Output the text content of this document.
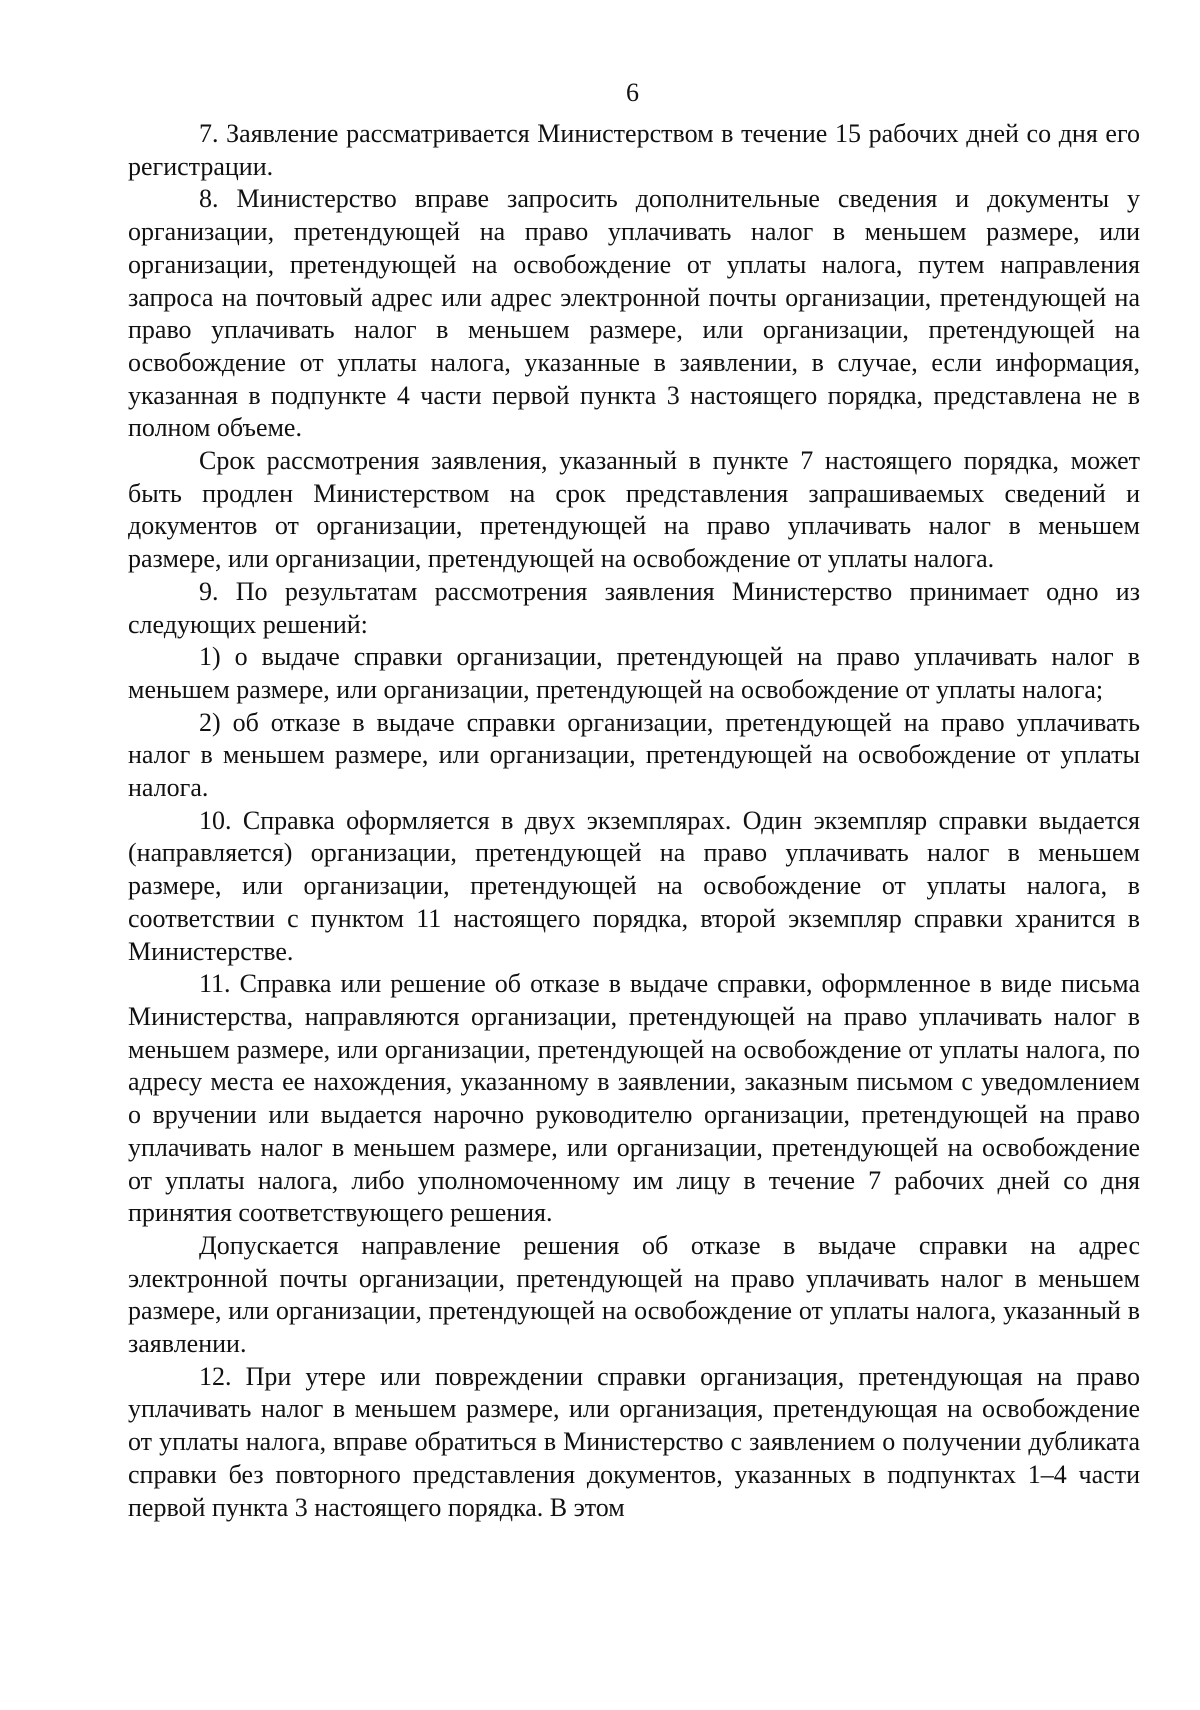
6

7. Заявление рассматривается Министерством в течение 15 рабочих дней со дня его регистрации.

8. Министерство вправе запросить дополнительные сведения и документы у организации, претендующей на право уплачивать налог в меньшем размере, или организации, претендующей на освобождение от уплаты налога, путем направления запроса на почтовый адрес или адрес электронной почты организации, претендующей на право уплачивать налог в меньшем размере, или организации, претендующей на освобождение от уплаты налога, указанные в заявлении, в случае, если информация, указанная в подпункте 4 части первой пункта 3 настоящего порядка, представлена не в полном объеме.

Срок рассмотрения заявления, указанный в пункте 7 настоящего порядка, может быть продлен Министерством на срок представления запрашиваемых сведений и документов от организации, претендующей на право уплачивать налог в меньшем размере, или организации, претендующей на освобождение от уплаты налога.

9. По результатам рассмотрения заявления Министерство принимает одно из следующих решений:

1) о выдаче справки организации, претендующей на право уплачивать налог в меньшем размере, или организации, претендующей на освобождение от уплаты налога;

2) об отказе в выдаче справки организации, претендующей на право уплачивать налог в меньшем размере, или организации, претендующей на освобождение от уплаты налога.

10. Справка оформляется в двух экземплярах. Один экземпляр справки выдается (направляется) организации, претендующей на право уплачивать налог в меньшем размере, или организации, претендующей на освобождение от уплаты налога, в соответствии с пунктом 11 настоящего порядка, второй экземпляр справки хранится в Министерстве.

11. Справка или решение об отказе в выдаче справки, оформленное в виде письма Министерства, направляются организации, претендующей на право уплачивать налог в меньшем размере, или организации, претендующей на освобождение от уплаты налога, по адресу места ее нахождения, указанному в заявлении, заказным письмом с уведомлением о вручении или выдается нарочно руководителю организации, претендующей на право уплачивать налог в меньшем размере, или организации, претендующей на освобождение от уплаты налога, либо уполномоченному им лицу в течение 7 рабочих дней со дня принятия соответствующего решения.

Допускается направление решения об отказе в выдаче справки на адрес электронной почты организации, претендующей на право уплачивать налог в меньшем размере, или организации, претендующей на освобождение от уплаты налога, указанный в заявлении.

12. При утере или повреждении справки организация, претендующая на право уплачивать налог в меньшем размере, или организация, претендующая на освобождение от уплаты налога, вправе обратиться в Министерство с заявлением о получении дубликата справки без повторного представления документов, указанных в подпунктах 1–4 части первой пункта 3 настоящего порядка. В этом
